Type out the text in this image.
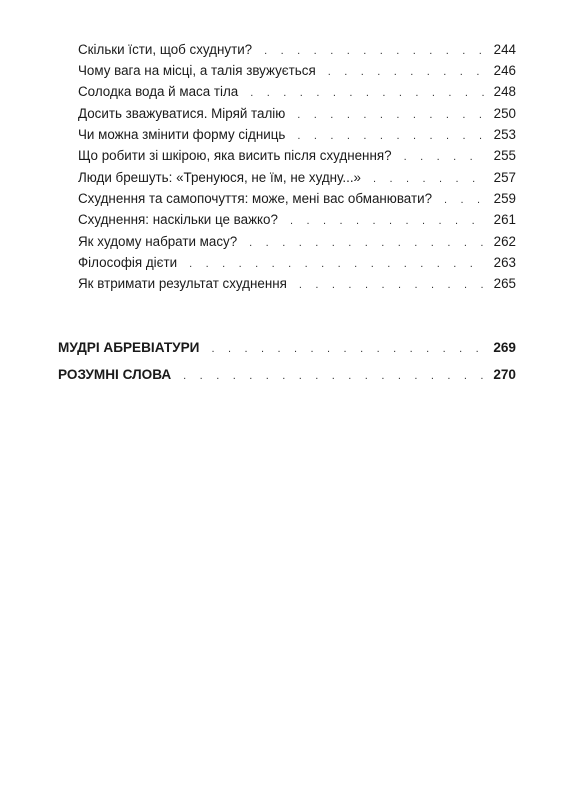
Скільки їсти, щоб схуднути? . . .	244
Чому вага на місці, а талія звужується . . .	246
Солодка вода й маса тіла . . .	248
Досить зважуватися. Міряй талію . . .	250
Чи можна змінити форму сідниць . . .	253
Що робити зі шкірою, яка висить після схуднення? . . .	255
Люди брешуть: «Тренуюся, не їм, не худну...» . . .	257
Схуднення та самопочуття: може, мені вас обманювати? . . .	259
Схуднення: наскільки це важко? . . .	261
Як худому набрати масу? . . .	262
Філософія дієти . . .	263
Як втримати результат схуднення . . .	265
МУДРІ АБРЕВІАТУРИ . . .	269
РОЗУМНІ СЛОВА . . .	270
